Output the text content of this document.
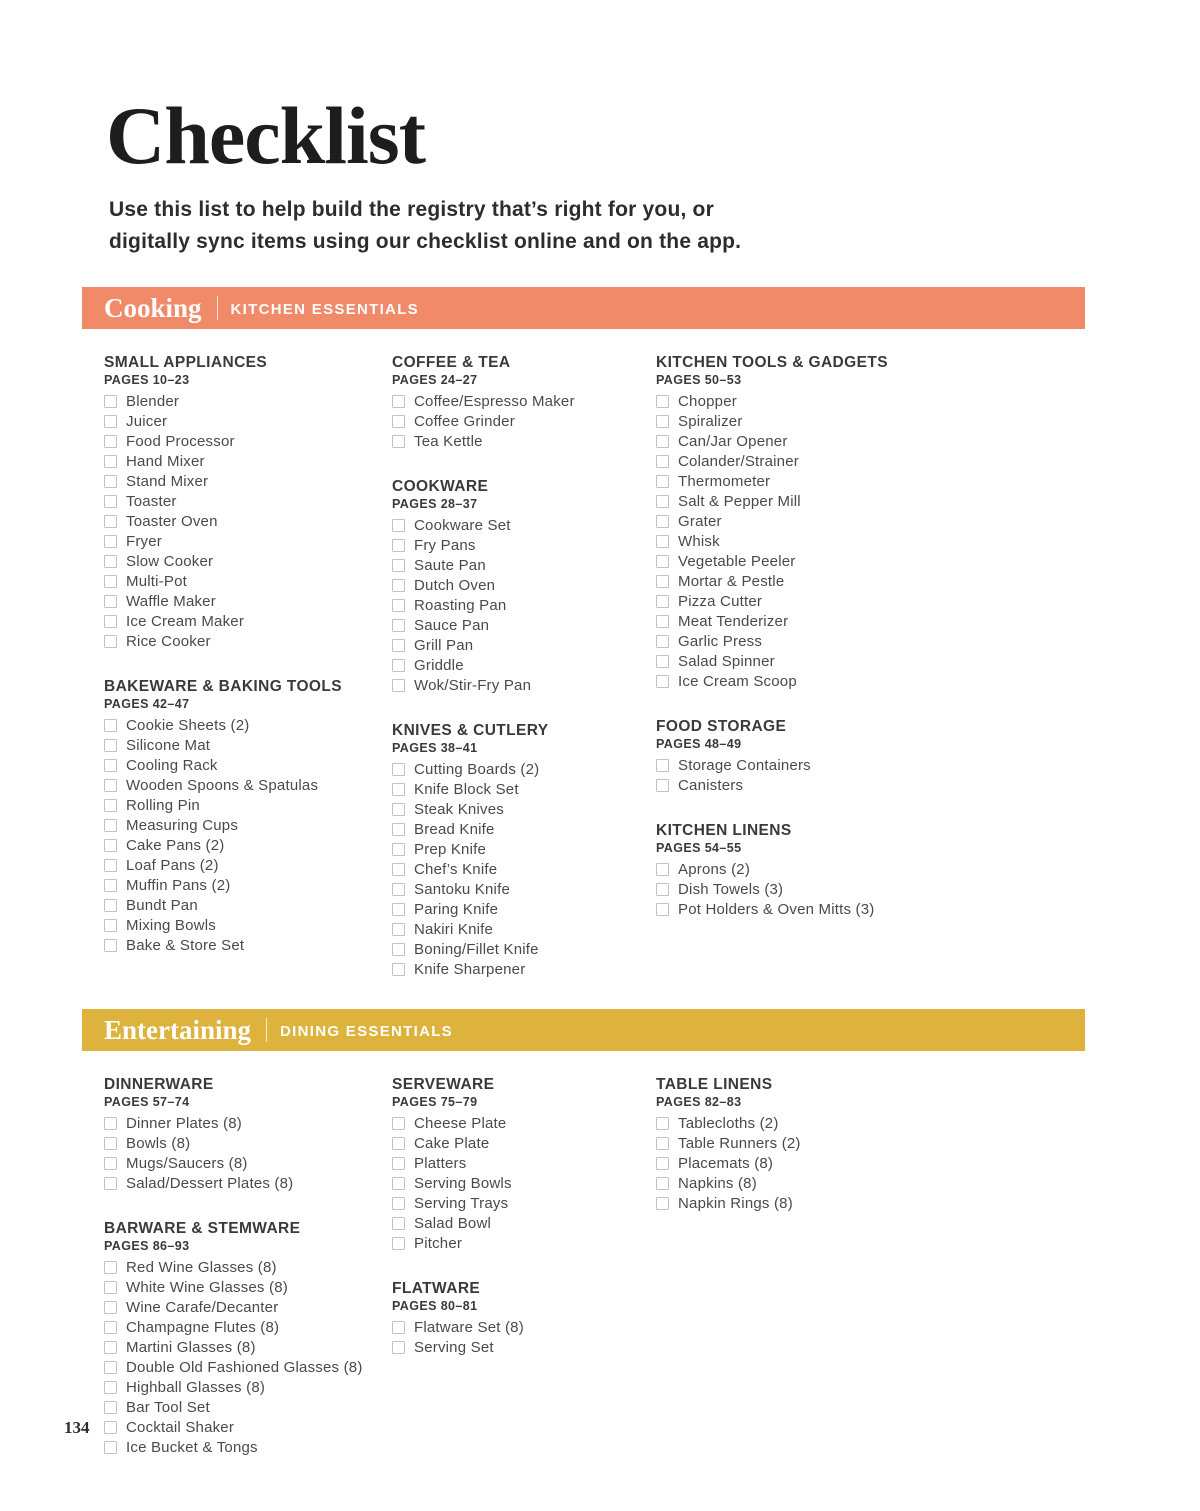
Checklist

Use this list to help build the registry that’s right for you, or
digitally sync items using our checklist online and on the app.

Cooking KITCHEN ESSENTIALS
SMALL APPLIANCES
PAGES 10–23
Blender
Juicer
Food Processor
Hand Mixer
Stand Mixer
Toaster
Toaster Oven
Fryer
Slow Cooker
Multi-Pot
Waffle Maker
Ice Cream Maker
Rice Cooker
BAKEWARE & BAKING TOOLS
PAGES 42–47
Cookie Sheets (2)
Silicone Mat
Cooling Rack
Wooden Spoons & Spatulas
Rolling Pin
Measuring Cups
Cake Pans (2)
Loaf Pans (2)
Muffin Pans (2)
Bundt Pan
Mixing Bowls
Bake & Store Set
COFFEE & TEA
PAGES 24–27
Coffee/Espresso Maker
Coffee Grinder
Tea Kettle
COOKWARE
PAGES 28–37
Cookware Set
Fry Pans
Saute Pan
Dutch Oven
Roasting Pan
Sauce Pan
Grill Pan
Griddle
Wok/Stir-Fry Pan
KNIVES & CUTLERY
PAGES 38–41
Cutting Boards (2)
Knife Block Set
Steak Knives
Bread Knife
Prep Knife
Chef’s Knife
Santoku Knife
Paring Knife
Nakiri Knife
Boning/Fillet Knife
Knife Sharpener
KITCHEN TOOLS & GADGETS
PAGES 50–53
Chopper
Spiralizer
Can/Jar Opener
Colander/Strainer
Thermometer
Salt & Pepper Mill
Grater
Whisk
Vegetable Peeler
Mortar & Pestle
Pizza Cutter
Meat Tenderizer
Garlic Press
Salad Spinner
Ice Cream Scoop
FOOD STORAGE
PAGES 48–49
Storage Containers
Canisters
KITCHEN LINENS
PAGES 54–55
Aprons (2)
Dish Towels (3)
Pot Holders & Oven Mitts (3)
Entertaining DINING ESSENTIALS
DINNERWARE
PAGES 57–74
Dinner Plates (8)
Bowls (8)
Mugs/Saucers (8)
Salad/Dessert Plates (8)
BARWARE & STEMWARE
PAGES 86–93
Red Wine Glasses (8)
White Wine Glasses (8)
Wine Carafe/Decanter
Champagne Flutes (8)
Martini Glasses (8)
Double Old Fashioned Glasses (8)
Highball Glasses (8)
Bar Tool Set
Cocktail Shaker
Ice Bucket & Tongs
SERVEWARE
PAGES 75–79
Cheese Plate
Cake Plate
Platters
Serving Bowls
Serving Trays
Salad Bowl
Pitcher
FLATWARE
PAGES 80–81
Flatware Set (8)
Serving Set
TABLE LINENS
PAGES 82–83
Tablecloths (2)
Table Runners (2)
Placemats (8)
Napkins (8)
Napkin Rings (8)
134
